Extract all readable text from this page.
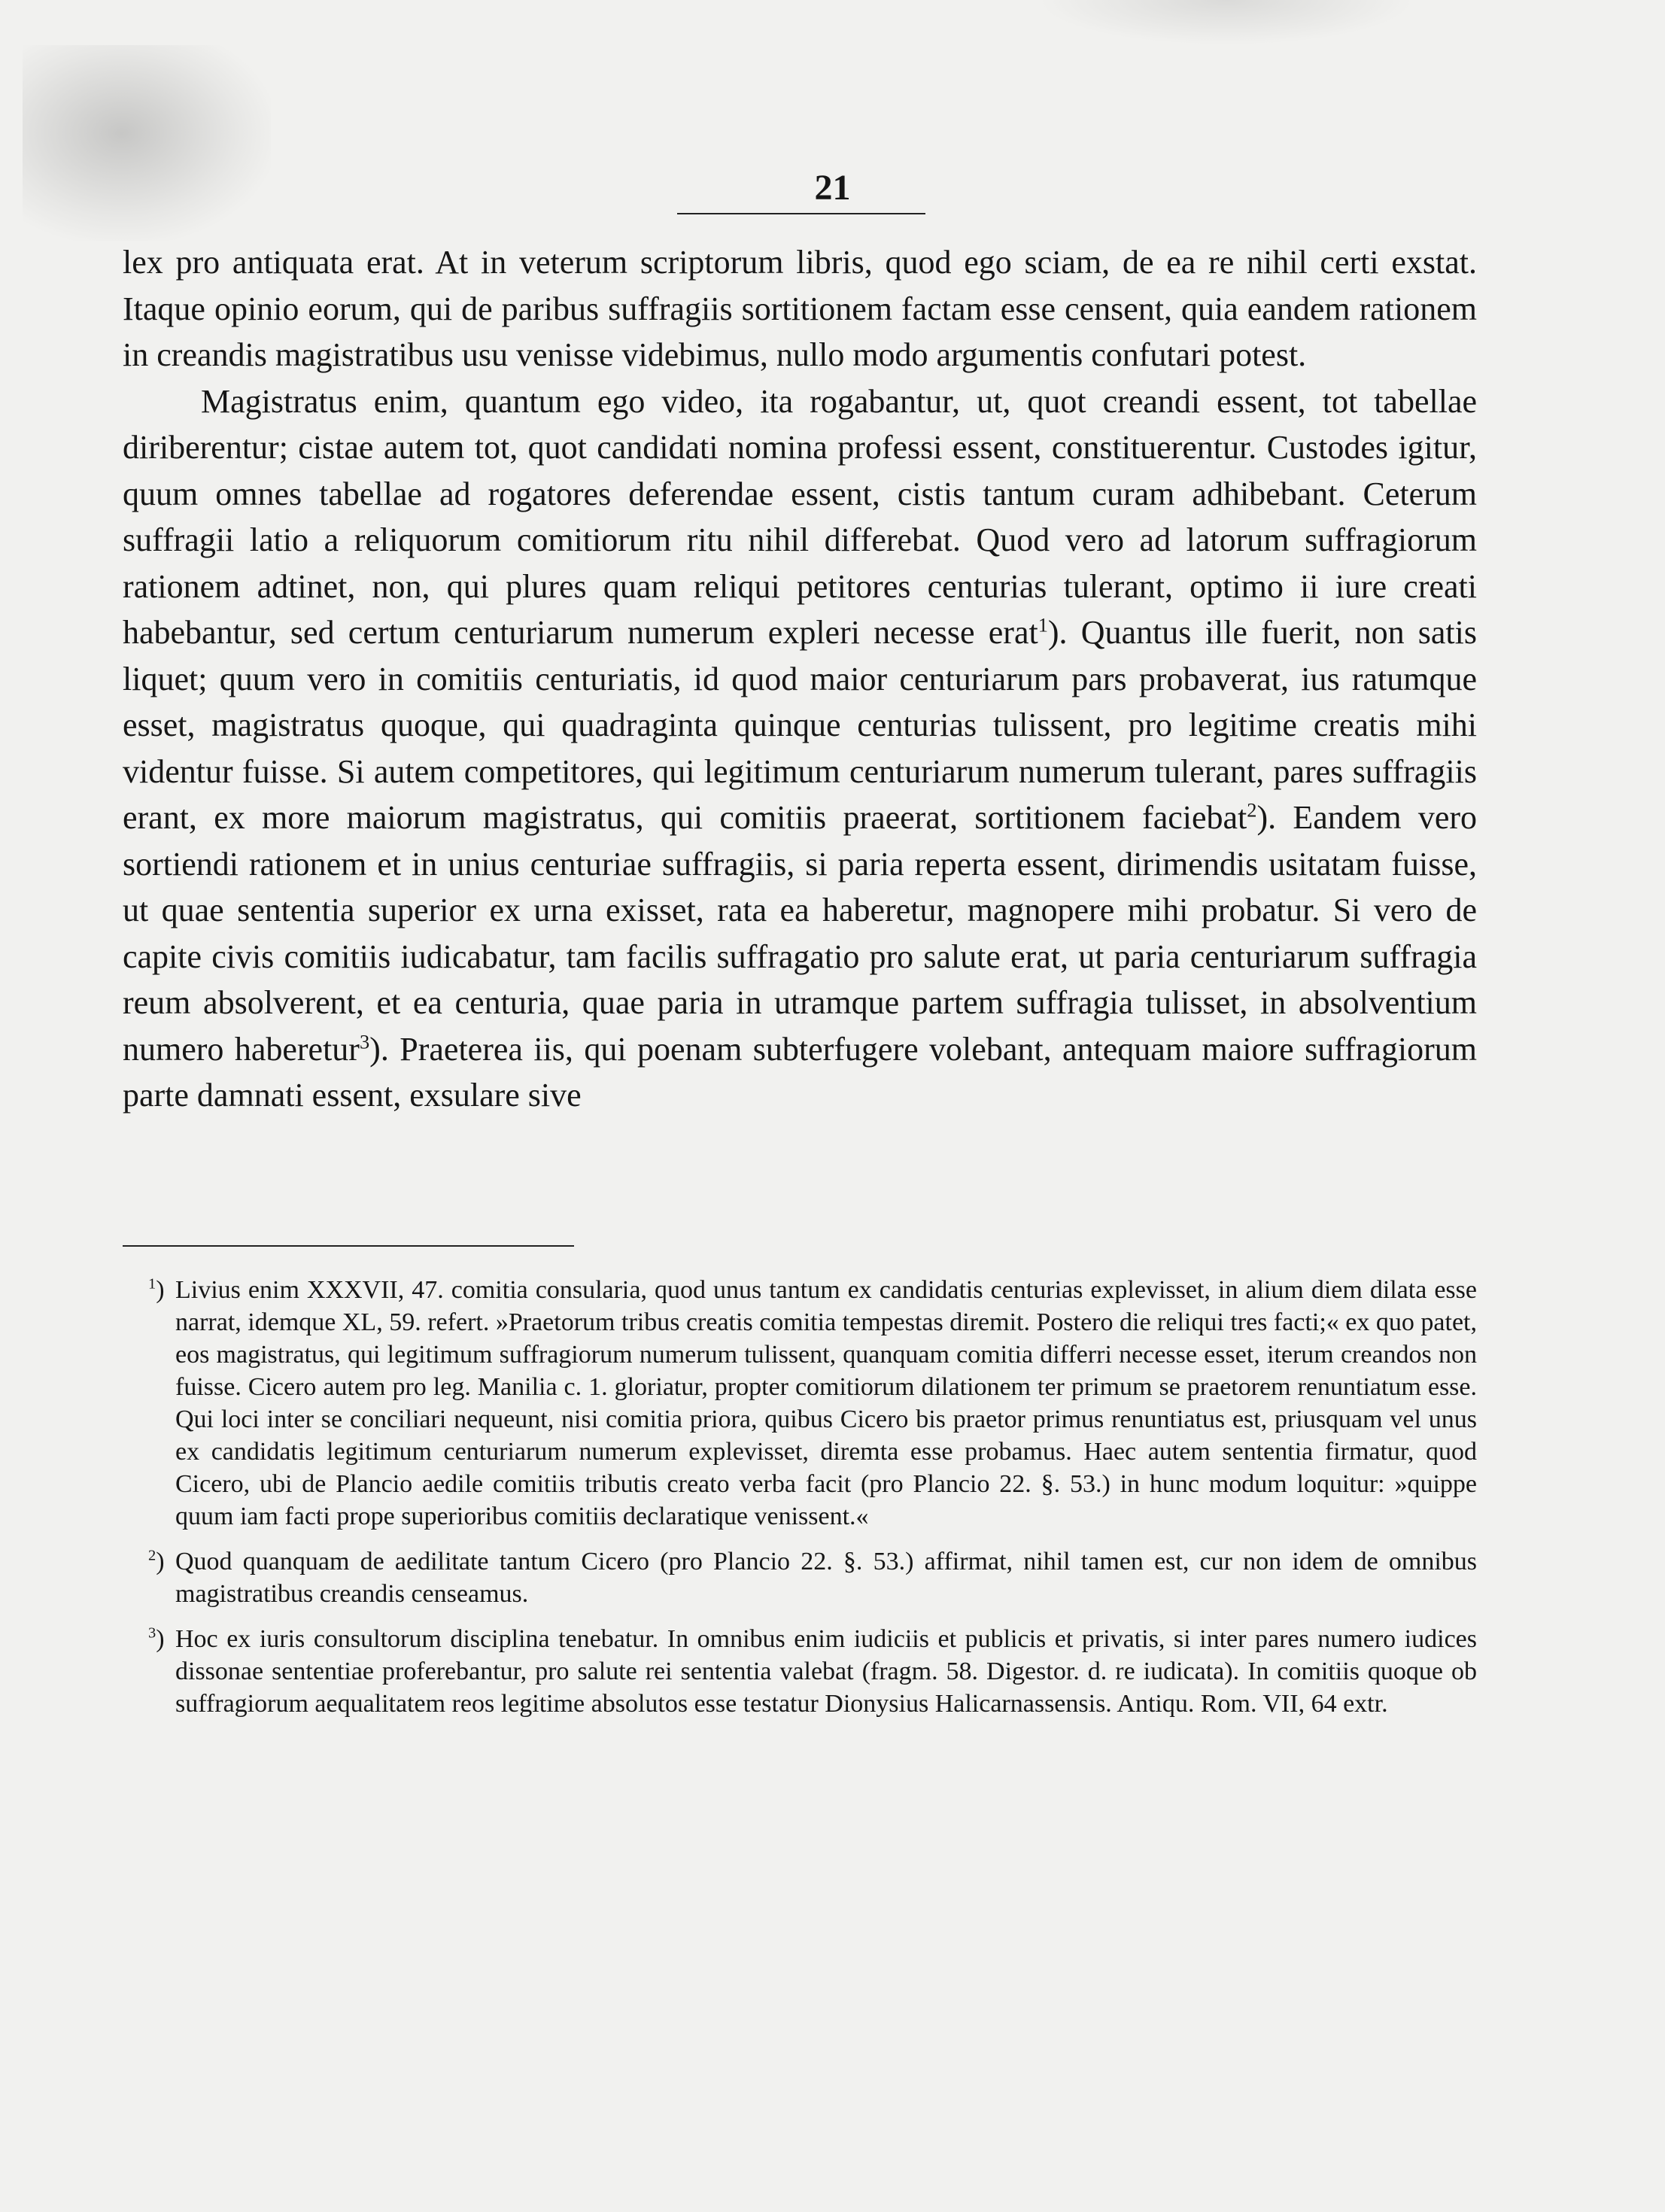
21

lex pro antiquata erat. At in veterum scriptorum libris, quod ego sciam, de ea re nihil certi exstat. Itaque opinio eorum, qui de paribus suffragiis sortitionem factam esse censent, quia eandem rationem in creandis magistratibus usu venisse videbimus, nullo modo argumentis confutari potest.

Magistratus enim, quantum ego video, ita rogabantur, ut, quot creandi essent, tot tabellae diriberentur; cistae autem tot, quot candidati nomina professi essent, constituerentur. Custodes igitur, quum omnes tabellae ad rogatores deferendae essent, cistis tantum curam adhibebant. Ceterum suffragii latio a reliquorum comitiorum ritu nihil differebat. Quod vero ad latorum suffragiorum rationem adtinet, non, qui plures quam reliqui petitores centurias tulerant, optimo ii iure creati habebantur, sed certum centuriarum numerum expleri necesse erat$^1$). Quantus ille fuerit, non satis liquet; quum vero in comitiis centuriatis, id quod maior centuriarum pars probaverat, ius ratumque esset, magistratus quoque, qui quadraginta quinque centurias tulissent, pro legitime creatis mihi videntur fuisse. Si autem competitores, qui legitimum centuriarum numerum tulerant, pares suffragiis erant, ex more maiorum magistratus, qui comitiis praeerat, sortitionem faciebat$^2$). Eandem vero sortiendi rationem et in unius centuriae suffragiis, si paria reperta essent, dirimendis usitatam fuisse, ut quae sententia superior ex urna exisset, rata ea haberetur, magnopere mihi probatur. Si vero de capite civis comitiis iudicabatur, tam facilis suffragatio pro salute erat, ut paria centuriarum suffragia reum absolverent, et ea centuria, quae paria in utramque partem suffragia tulisset, in absolventium numero haberetur$^3$). Praeterea iis, qui poenam subterfugere volebant, antequam maiore suffragiorum parte damnati essent, exsulare sive

$^1$) Livius enim XXXVII, 47. comitia consularia, quod unus tantum ex candidatis centurias explevisset, in alium diem dilata esse narrat, idemque XL, 59. refert. »Praetorum tribus creatis comitia tempestas diremit. Postero die reliqui tres facti;« ex quo patet, eos magistratus, qui legitimum suffragiorum numerum tulissent, quanquam comitia differri necesse esset, iterum creandos non fuisse. Cicero autem pro leg. Manilia c. 1. gloriatur, propter comitiorum dilationem ter primum se praetorem renuntiatum esse. Qui loci inter se conciliari nequeunt, nisi comitia priora, quibus Cicero bis praetor primus renuntiatus est, priusquam vel unus ex candidatis legitimum centuriarum numerum explevisset, diremta esse probamus. Haec autem sententia firmatur, quod Cicero, ubi de Plancio aedile comitiis tributis creato verba facit (pro Plancio 22. §. 53.) in hunc modum loquitur: »quippe quum iam facti prope superioribus comitiis declaratique venissent.«

$^2$) Quod quanquam de aedilitate tantum Cicero (pro Plancio 22. §. 53.) affirmat, nihil tamen est, cur non idem de omnibus magistratibus creandis censeamus.

$^3$) Hoc ex iuris consultorum disciplina tenebatur. In omnibus enim iudiciis et publicis et privatis, si inter pares numero iudices dissonae sententiae proferebantur, pro salute rei sententia valebat (fragm. 58. Digestor. d. re iudicata). In comitiis quoque ob suffragiorum aequalitatem reos legitime absolutos esse testatur Dionysius Halicarnassensis. Antiqu. Rom. VII, 64 extr.
